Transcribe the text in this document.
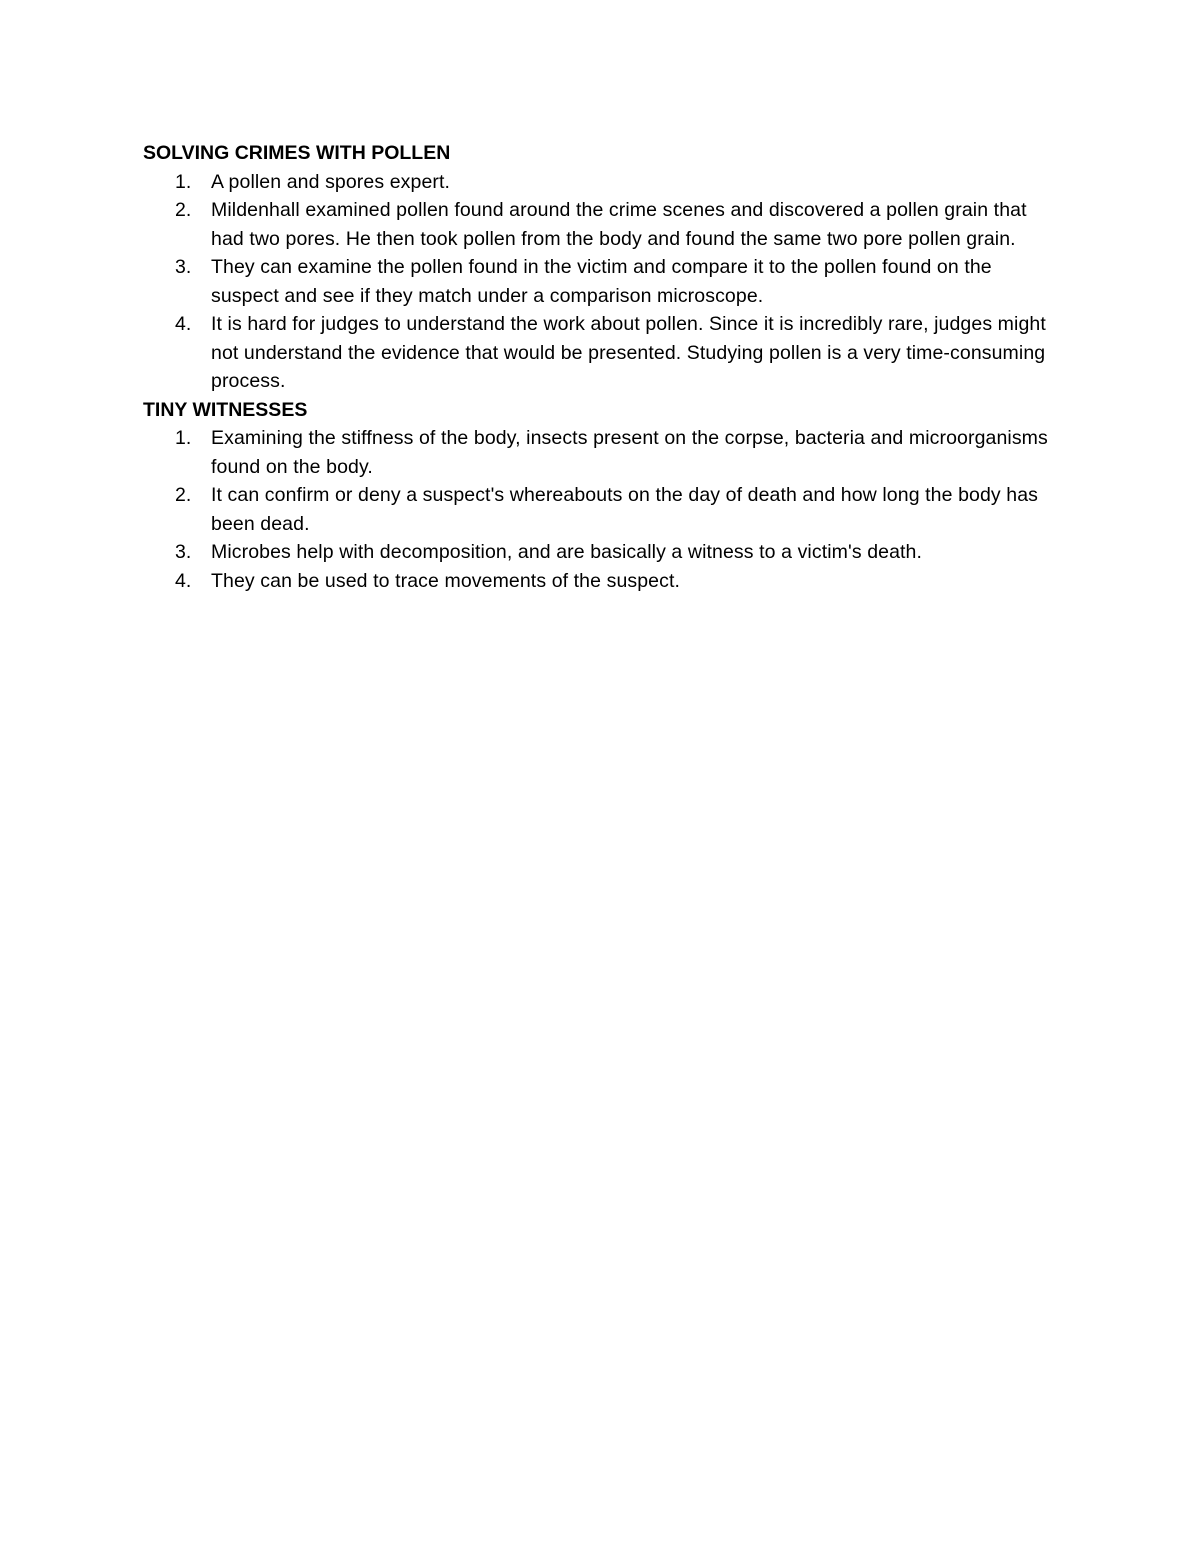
SOLVING CRIMES WITH POLLEN
1.	A pollen and spores expert.
2.	Mildenhall examined pollen found around the crime scenes and discovered a pollen grain that had two pores. He then took pollen from the body and found the same two pore pollen grain.
3.	They can examine the pollen found in the victim and compare it to the pollen found on the suspect and see if they match under a comparison microscope.
4.	It is hard for judges to understand the work about pollen. Since it is incredibly rare, judges might not understand the evidence that would be presented. Studying pollen is a very time-consuming process.
TINY WITNESSES
1.	Examining the stiffness of the body, insects present on the corpse, bacteria and microorganisms found on the body.
2.	It can confirm or deny a suspect's whereabouts on the day of death and how long the body has been dead.
3.	Microbes help with decomposition, and are basically a witness to a victim's death.
4.	They can be used to trace movements of the suspect.
